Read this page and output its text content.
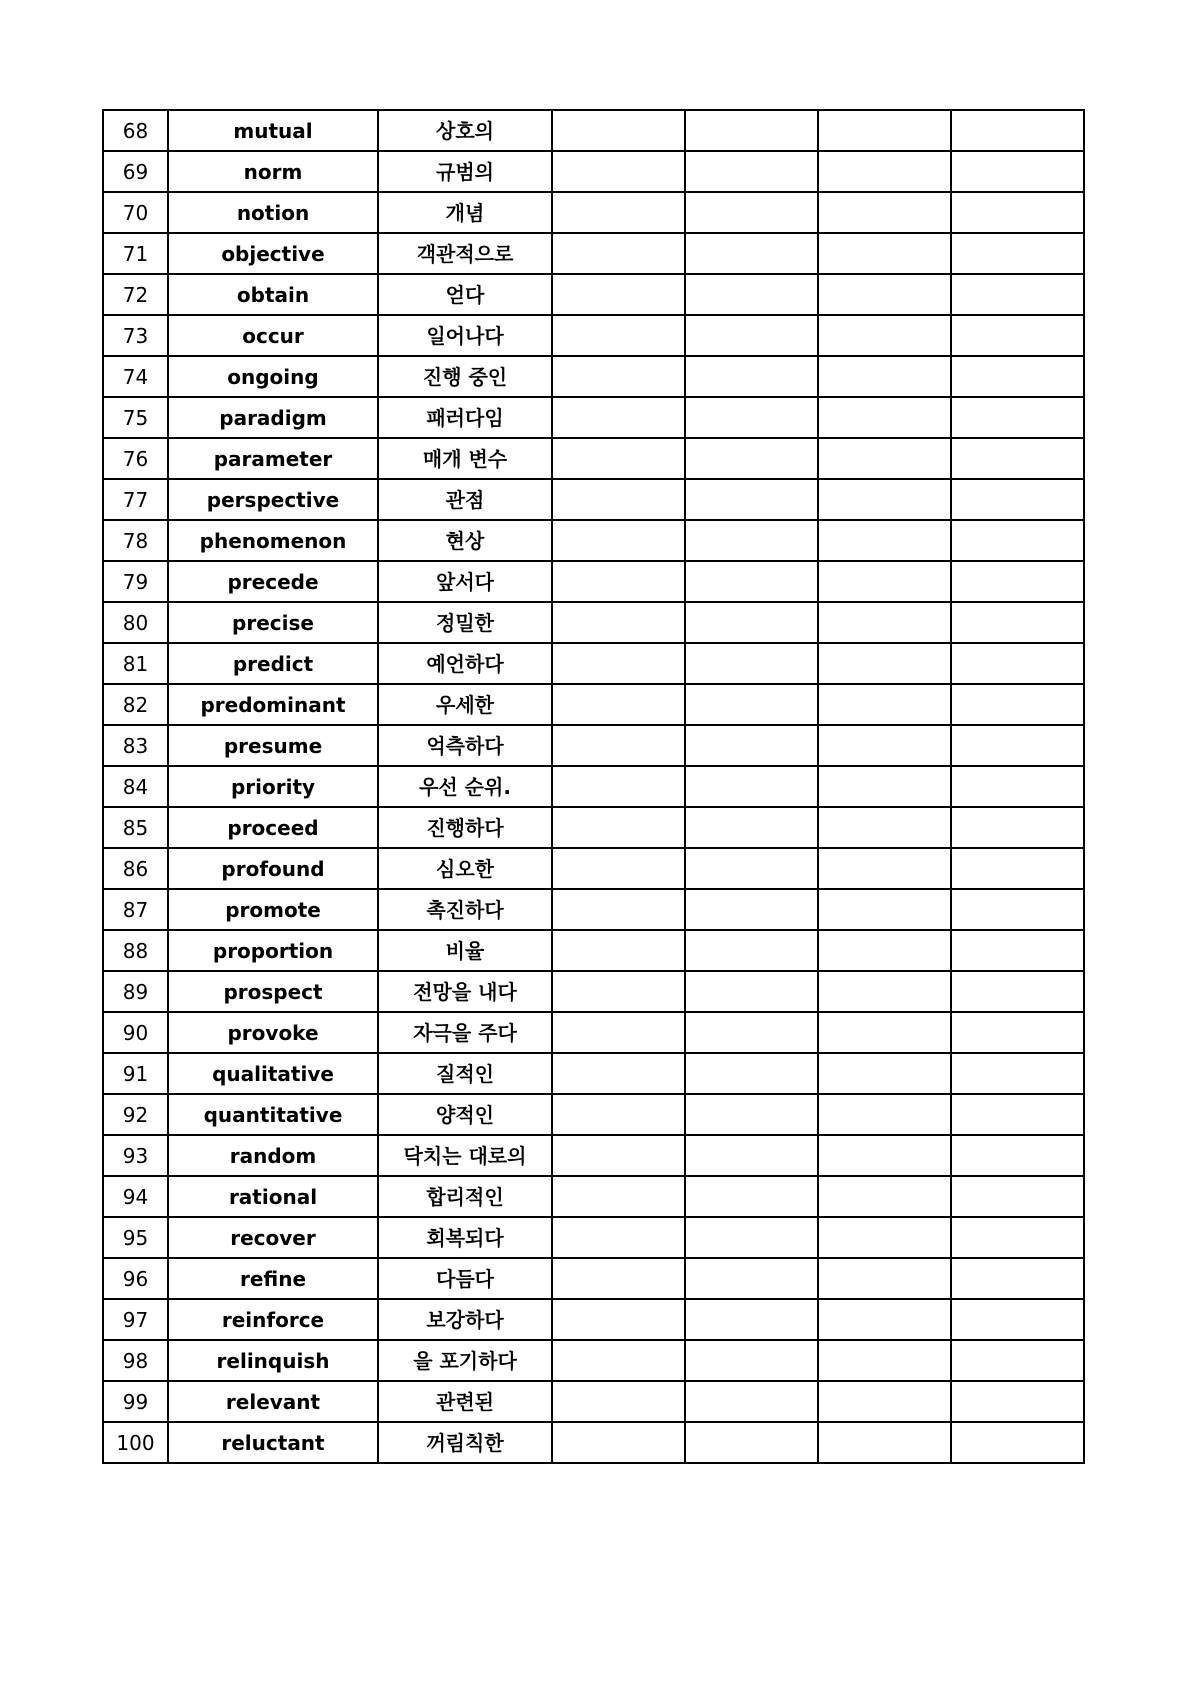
68	mutual	상호의				
69	norm	규범의				
70	notion	개념				
71	objective	객관적으로				
72	obtain	얻다				
73	occur	일어나다				
74	ongoing	진행 중인				
75	paradigm	패러다임				
76	parameter	매개 변수				
77	perspective	관점				
78	phenomenon	현상				
79	precede	앞서다				
80	precise	정밀한				
81	predict	예언하다				
82	predominant	우세한				
83	presume	억측하다				
84	priority	우선 순위.				
85	proceed	진행하다				
86	profound	심오한				
87	promote	촉진하다				
88	proportion	비율				
89	prospect	전망을 내다				
90	provoke	자극을 주다				
91	qualitative	질적인				
92	quantitative	양적인				
93	random	닥치는 대로의				
94	rational	합리적인				
95	recover	회복되다				
96	refine	다듬다				
97	reinforce	보강하다				
98	relinquish	을 포기하다				
99	relevant	관련된				
100	reluctant	꺼림칙한				
